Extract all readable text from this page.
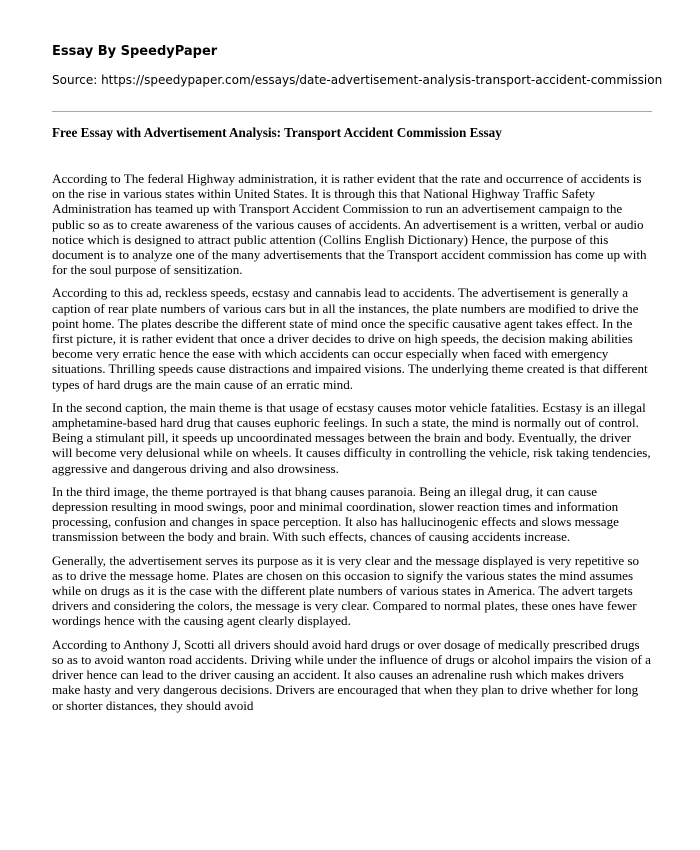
Essay By SpeedyPaper
Source: https://speedypaper.com/essays/date-advertisement-analysis-transport-accident-commission
Free Essay with Advertisement Analysis: Transport Accident Commission Essay

According to The federal Highway administration, it is rather evident that the rate and occurrence of accidents is on the rise in various states within United States. It is through this that National Highway Traffic Safety Administration has teamed up with Transport Accident Commission to run an advertisement campaign to the public so as to create awareness of the various causes of accidents. An advertisement is a written, verbal or audio notice which is designed to attract public attention (Collins English Dictionary) Hence, the purpose of this document is to analyze one of the many advertisements that the Transport accident commission has come up with for the soul purpose of sensitization.

According to this ad, reckless speeds, ecstasy and cannabis lead to accidents. The advertisement is generally a caption of rear plate numbers of various cars but in all the instances, the plate numbers are modified to drive the point home. The plates describe the different state of mind once the specific causative agent takes effect. In the first picture, it is rather evident that once a driver decides to drive on high speeds, the decision making abilities become very erratic hence the ease with which accidents can occur especially when faced with emergency situations. Thrilling speeds cause distractions and impaired visions. The underlying theme created is that different types of hard drugs are the main cause of an erratic mind.

In the second caption, the main theme is that usage of ecstasy causes motor vehicle fatalities. Ecstasy is an illegal amphetamine-based hard drug that causes euphoric feelings. In such a state, the mind is normally out of control. Being a stimulant pill, it speeds up uncoordinated messages between the brain and body. Eventually, the driver will become very delusional while on wheels. It causes difficulty in controlling the vehicle, risk taking tendencies, aggressive and dangerous driving and also drowsiness.

In the third image, the theme portrayed is that bhang causes paranoia. Being an illegal drug, it can cause depression resulting in mood swings, poor and minimal coordination, slower reaction times and information processing, confusion and changes in space perception. It also has hallucinogenic effects and slows message transmission between the body and brain. With such effects, chances of causing accidents increase.

Generally, the advertisement serves its purpose as it is very clear and the message displayed is very repetitive so as to drive the message home. Plates are chosen on this occasion to signify the various states the mind assumes while on drugs as it is the case with the different plate numbers of various states in America. The advert targets drivers and considering the colors, the message is very clear. Compared to normal plates, these ones have fewer wordings hence with the causing agent clearly displayed.

According to Anthony J, Scotti all drivers should avoid hard drugs or over dosage of medically prescribed drugs so as to avoid wanton road accidents. Driving while under the influence of drugs or alcohol impairs the vision of a driver hence can lead to the driver causing an accident. It also causes an adrenaline rush which makes drivers make hasty and very dangerous decisions. Drivers are encouraged that when they plan to drive whether for long or shorter distances, they should avoid
